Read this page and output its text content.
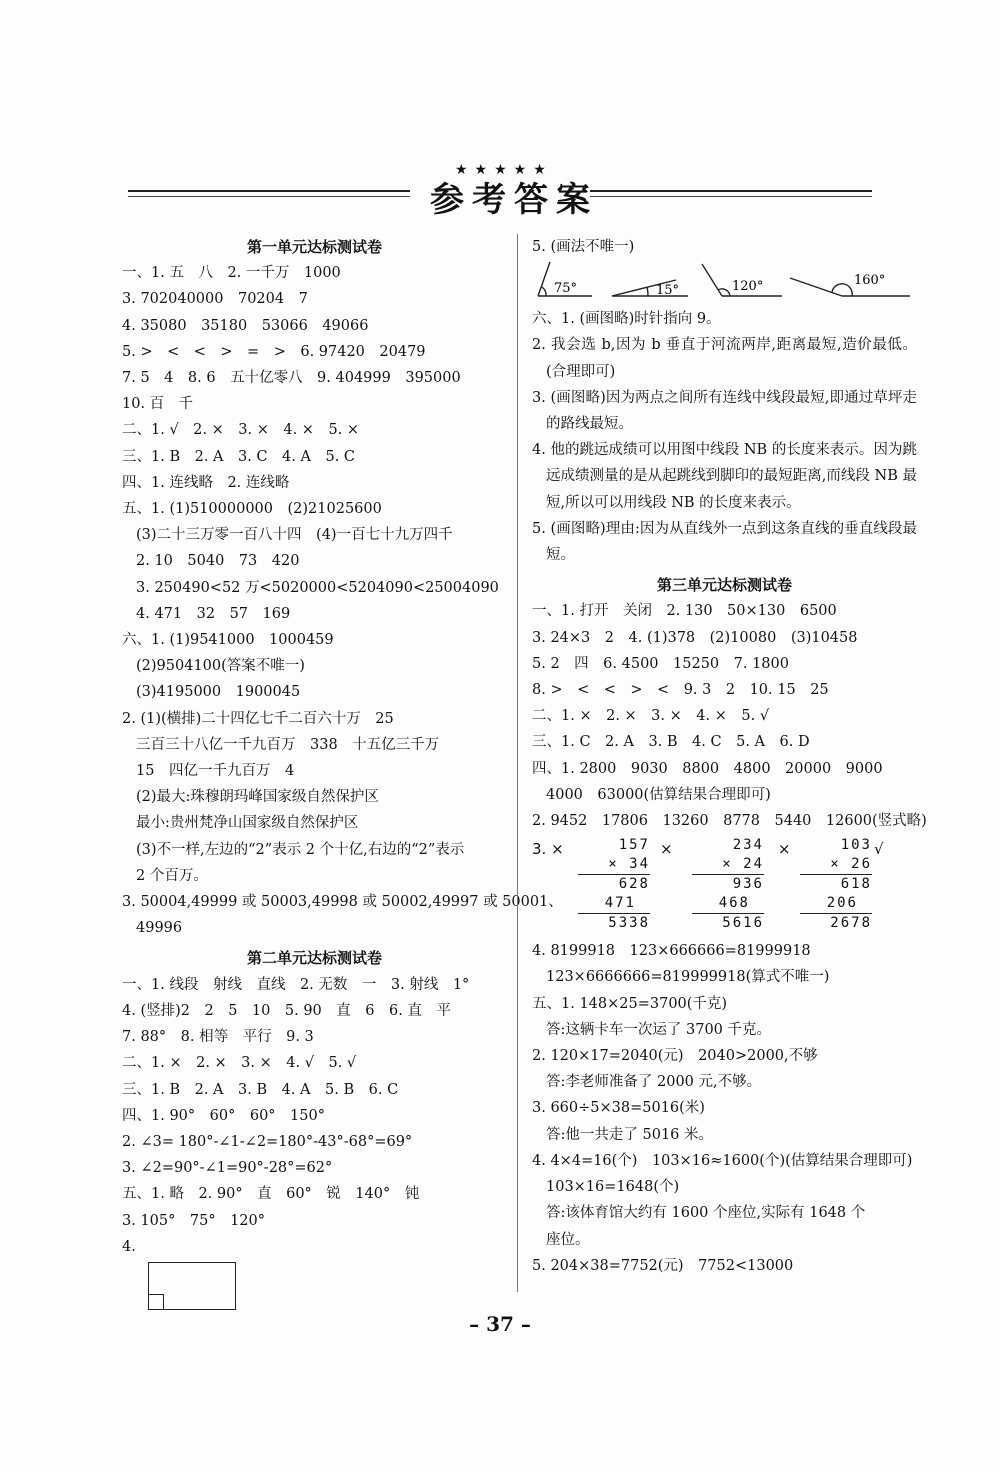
★★★★★
参考答案
第一单元达标测试卷
一、1. 五　八　2. 一千万　1000
3. 702040000　70204　7
4. 35080　35180　53066　49066
5. >　<　<　>　=　>　6. 97420　20479
7. 5　4　8. 6　五十亿零八　9. 404999　395000
10. 百　千
二、1. √　2. ×　3. ×　4. ×　5. ×
三、1. B　2. A　3. C　4. A　5. C
四、1. 连线略　2. 连线略
五、1. (1)510000000　(2)21025600
(3)二十三万零一百八十四　(4)一百七十九万四千
2. 10　5040　73　420
3. 250490<52 万<5020000<5204090<25004090
4. 471　32　57　169
六、1. (1)9541000　1000459
(2)9504100(答案不唯一)
(3)4195000　1900045
2. (1)(横排)二十四亿七千二百六十万　25
三百三十八亿一千九百万　338　十五亿三千万
15　四亿一千九百万　4
(2)最大:珠穆朗玛峰国家级自然保护区
最小:贵州梵净山国家级自然保护区
(3)不一样,左边的“2”表示 2 个十亿,右边的“2”表示
2 个百万。
3. 50004,49999 或 50003,49998 或 50002,49997 或 50001、
49996
第二单元达标测试卷
一、1. 线段　射线　直线　2. 无数　一　3. 射线　1°
4. (竖排)2　2　5　10　5. 90　直　6　6. 直　平
7. 88°　8. 相等　平行　9. 3
二、1. ×　2. ×　3. ×　4. √　5. √
三、1. B　2. A　3. B　4. A　5. B　6. C
四、1. 90°　60°　60°　150°
2. ∠3= 180°-∠1-∠2=180°-43°-68°=69°
3. ∠2=90°-∠1=90°-28°=62°
五、1. 略　2. 90°　直　60°　锐　140°　钝
3. 105°　75°　120°
4.
5. (画法不唯一)
75°	15°	120°	160°
六、1. (画图略)时针指向 9。
2. 我会选 b,因为 b 垂直于河流两岸,距离最短,造价最低。(合理即可)
3. (画图略)因为两点之间所有连线中线段最短,即通过草坪走的路线最短。
4. 他的跳远成绩可以用图中线段 NB 的长度来表示。因为跳远成绩测量的是从起跳线到脚印的最短距离,而线段 NB 最短,所以可以用线段 NB 的长度来表示。
5. (画图略)理由:因为从直线外一点到这条直线的垂直线段最短。
第三单元达标测试卷
一、1. 打开　关闭　2. 130　50×130　6500
3. 24×3　2　4. (1)378　(2)10080　(3)10458
5. 2　四　6. 4500　15250　7. 1800
8. >　<　<　>　<　9. 3　2　10. 15　25
二、1. ×　2. ×　3. ×　4. ×　5. √
三、1. C　2. A　3. B　4. C　5. A　6. D
四、1. 2800　9030　8800　4800　20000　9000
4000　63000(估算结果合理即可)
2. 9452　17806　13260　8778　5440　12600(竖式略)
3. ×	×	×	√
157
× 34
628
471
5338
234
× 24
936
468
5616
103
× 26
618
206
2678
4. 8199918　123×666666=81999918
123×6666666=819999918(算式不唯一)
五、1. 148×25=3700(千克)
答:这辆卡车一次运了 3700 千克。
2. 120×17=2040(元)　2040>2000,不够
答:李老师准备了 2000 元,不够。
3. 660÷5×38=5016(米)
答:他一共走了 5016 米。
4. 4×4=16(个)　103×16≈1600(个)(估算结果合理即可)
103×16=1648(个)
答:该体育馆大约有 1600 个座位,实际有 1648 个
座位。
5. 204×38=7752(元)　7752<13000
– 37 –
